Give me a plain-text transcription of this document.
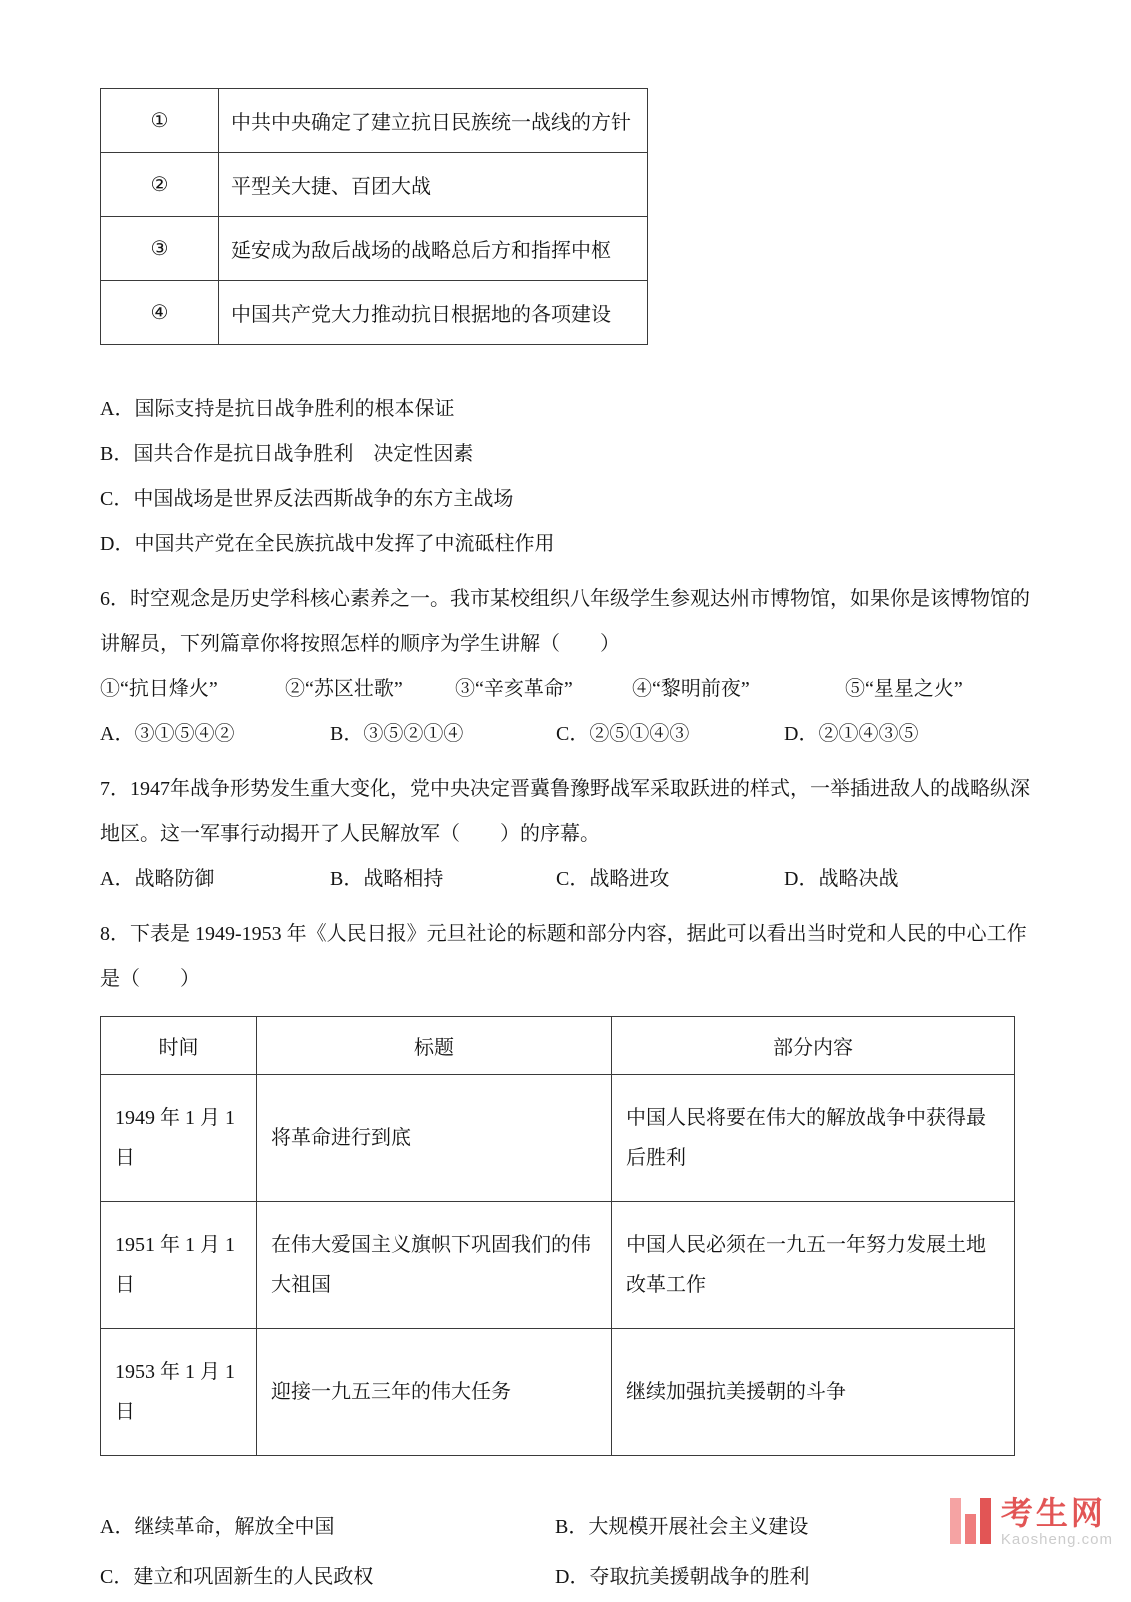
①	中共中央确定了建立抗日民族统一战线的方针
②	平型关大捷、百团大战
③	延安成为敌后战场的战略总后方和指挥中枢
④	中国共产党大力推动抗日根据地的各项建设
A．国际支持是抗日战争胜利的根本保证
B．国共合作是抗日战争胜利　决定性因素
C．中国战场是世界反法西斯战争的东方主战场
D．中国共产党在全民族抗战中发挥了中流砥柱作用
6．时空观念是历史学科核心素养之一。我市某校组织八年级学生参观达州市博物馆，如果你是该博物馆的
讲解员，下列篇章你将按照怎样的顺序为学生讲解（　　）
①“抗日烽火”	②“苏区壮歌”	③“辛亥革命”	④“黎明前夜”	⑤“星星之火”
A．③①⑤④②	B．③⑤②①④	C．②⑤①④③	D．②①④③⑤
7．1947年战争形势发生重大变化，党中央决定晋冀鲁豫野战军采取跃进的样式，一举插进敌人的战略纵深
地区。这一军事行动揭开了人民解放军（　　）的序幕。
A．战略防御	B．战略相持	C．战略进攻	D．战略决战
8．下表是 1949-1953 年《人民日报》元旦社论的标题和部分内容，据此可以看出当时党和人民的中心工作
是（　　）
时间	标题	部分内容
1949 年 1 月 1 日	将革命进行到底	中国人民将要在伟大的解放战争中获得最后胜利
1951 年 1 月 1 日	在伟大爱国主义旗帜下巩固我们的伟大祖国	中国人民必须在一九五一年努力发展土地改革工作
1953 年 1 月 1 日	迎接一九五三年的伟大任务	继续加强抗美援朝的斗争
A．继续革命，解放全中国	B．大规模开展社会主义建设
C．建立和巩固新生的人民政权	D．夺取抗美援朝战争的胜利
考生网
Kaosheng.com
